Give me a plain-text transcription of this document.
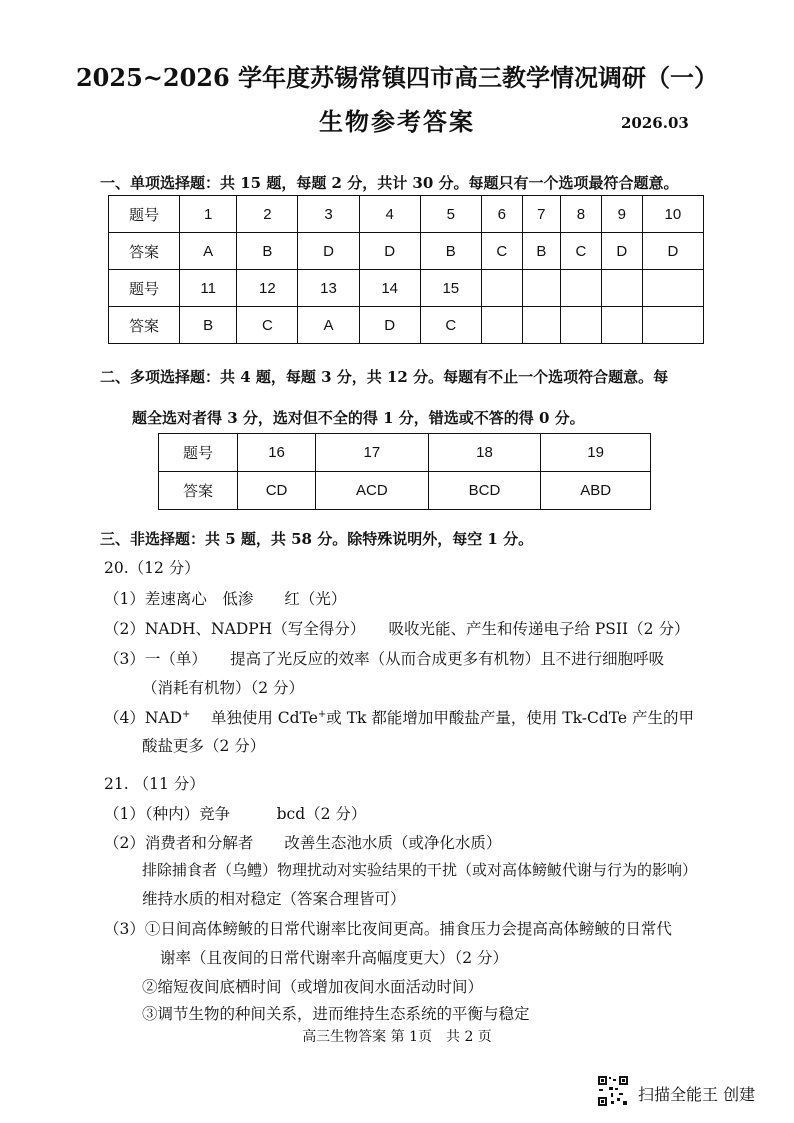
2025~2026 学年度苏锡常镇四市高三教学情况调研（一）
生物参考答案	2026.03
一、单项选择题：共 15 题，每题 2 分，共计 30 分。每题只有一个选项最符合题意。
题号	1	2	3	4	5	6	7	8	9	10
答案	A	B	D	D	B	C	B	C	D	D
题号	11	12	13	14	15					
答案	B	C	A	D	C					
二、多项选择题：共 4 题，每题 3 分，共 12 分。每题有不止一个选项符合题意。每
题全选对者得 3 分，选对但不全的得 1 分，错选或不答的得 0 分。
题号	16	17	18	19
答案	CD	ACD	BCD	ABD
三、非选择题：共 5 题，共 58 分。除特殊说明外，每空 1 分。
20.（12 分）
（1）差速离心　低渗　　红（光）
（2）NADH、NADPH（写全得分）　　吸收光能、产生和传递电子给 PSII（2 分）
（3）一（单）　　提高了光反应的效率（从而合成更多有机物）且不进行细胞呼吸
（消耗有机物）（2 分）
（4）NAD+　 单独使用 CdTe+或 Tk 都能增加甲酸盐产量，使用 Tk-CdTe 产生的甲
酸盐更多（2 分）
21. （11 分）
（1）（种内）竞争　　　bcd（2 分）
（2）消费者和分解者　　改善生态池水质（或净化水质）
排除捕食者（乌鳢）物理扰动对实验结果的干扰（或对高体鳑鲏代谢与行为的影响）
维持水质的相对稳定（答案合理皆可）
（3）①日间高体鳑鲏的日常代谢率比夜间更高。捕食压力会提高高体鳑鲏的日常代
谢率（且夜间的日常代谢率升高幅度更大）（2 分）
②缩短夜间底栖时间（或增加夜间水面活动时间）
③调节生物的种间关系，进而维持生态系统的平衡与稳定
高三生物答案 第 1页　共 2 页
扫描全能王 创建
